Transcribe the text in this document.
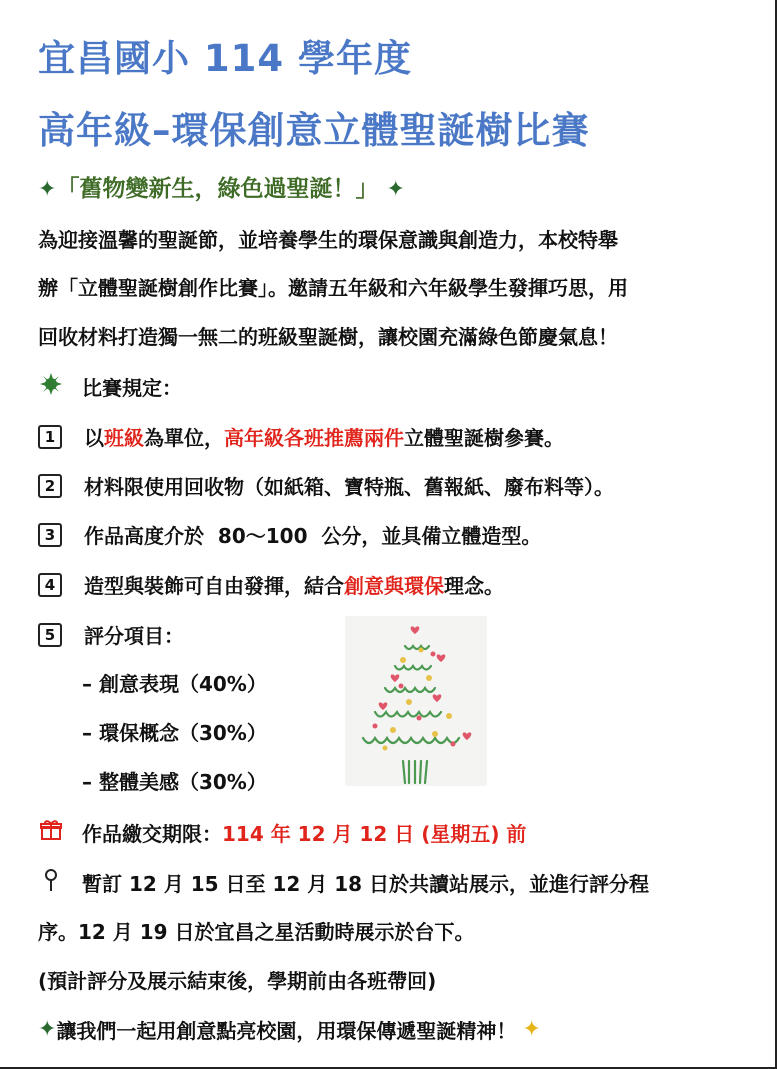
宜昌國小 114 學年度
高年級–環保創意立體聖誕樹比賽
✦「舊物變新生，綠色過聖誕！」 ✦
為迎接溫馨的聖誕節，並培養學生的環保意識與創造力，本校特舉
辦「立體聖誕樹創作比賽」。邀請五年級和六年級學生發揮巧思，用
回收材料打造獨一無二的班級聖誕樹，讓校園充滿綠色節慶氣息！
比賽規定：
1	以 班級 為單位， 高年級各班推薦兩件 立體聖誕樹參賽。
2	材料限使用回收物（如紙箱、寶特瓶、舊報紙、廢布料等）。
3	作品高度介於  80～100  公分，並具備立體造型。
4	造型與裝飾可自由發揮，結合 創意與環保 理念。
5	評分項目：
– 創意表現（40%）
– 環保概念（30%）
– 整體美感（30%）
作品繳交期限： 114 年 12 月 12 日 (星期五) 前
暫訂 12 月 15 日至 12 月 18 日於共讀站展示，並進行評分程
序。12 月 19 日於宜昌之星活動時展示於台下。
(預計評分及展示結束後，學期前由各班帶回)
✦ 讓我們一起用創意點亮校園，用環保傳遞聖誕精神！ ✦
